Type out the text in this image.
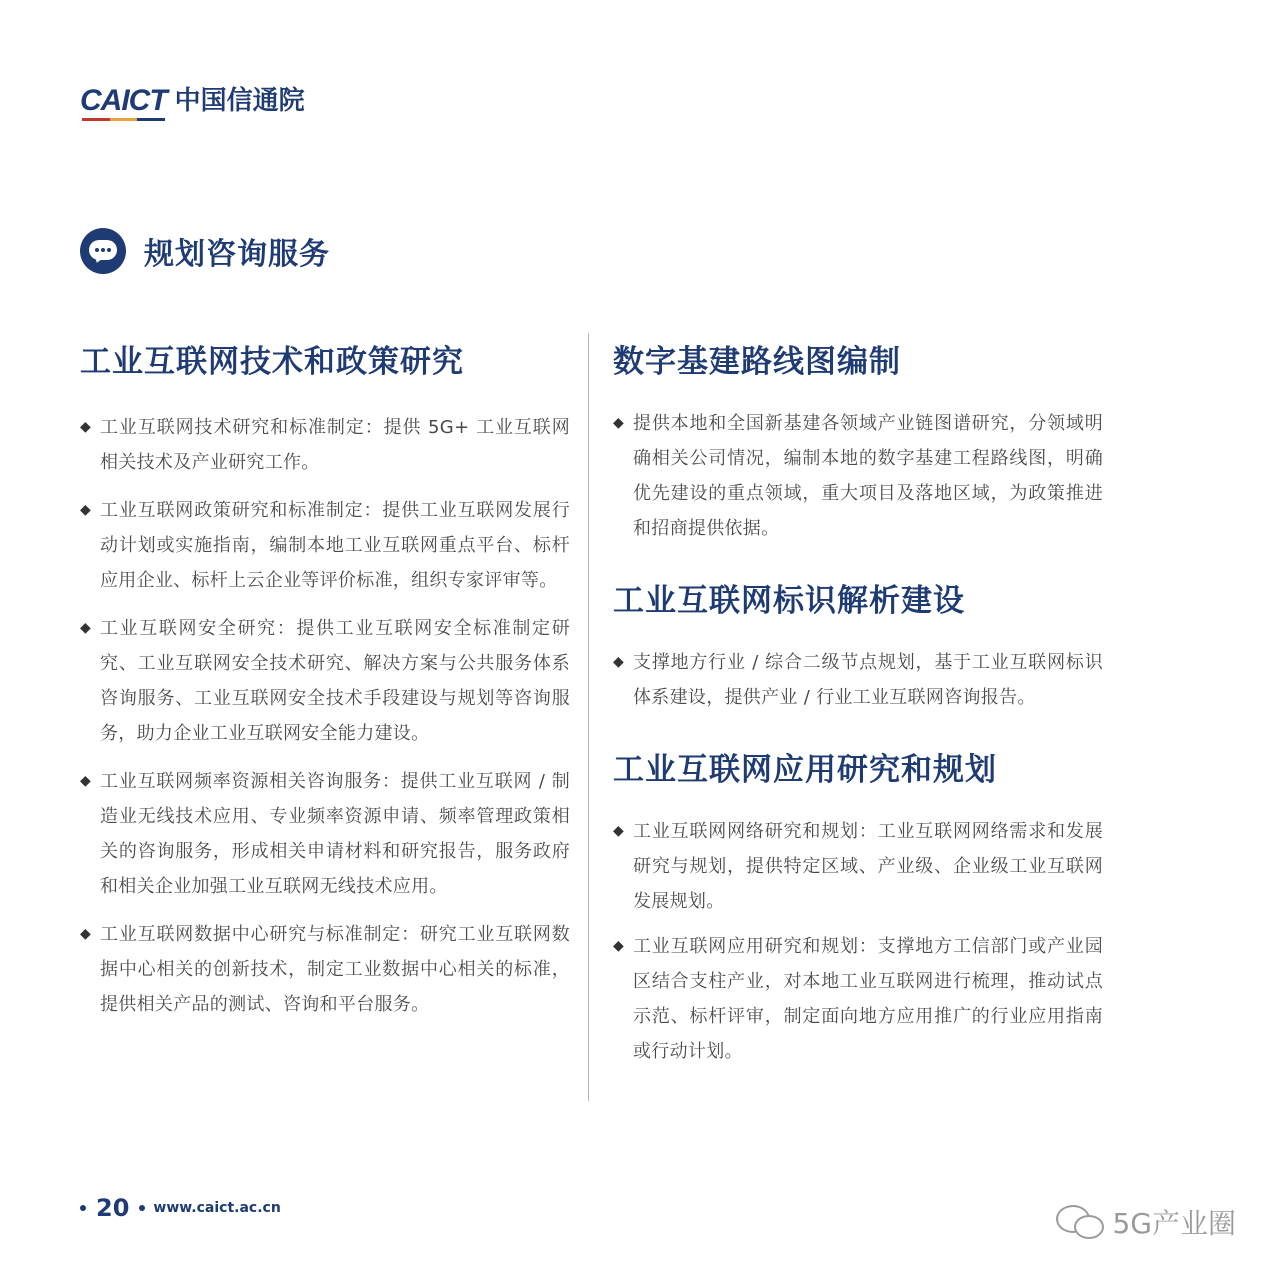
CAICT 中国信通院
规划咨询服务
工业互联网技术和政策研究
◆ 工业互联网技术研究和标准制定：提供 5G+ 工业互联网相关技术及产业研究工作。
◆ 工业互联网政策研究和标准制定：提供工业互联网发展行动计划或实施指南，编制本地工业互联网重点平台、标杆应用企业、标杆上云企业等评价标准，组织专家评审等。
◆ 工业互联网安全研究：提供工业互联网安全标准制定研究、工业互联网安全技术研究、解决方案与公共服务体系咨询服务、工业互联网安全技术手段建设与规划等咨询服务，助力企业工业互联网安全能力建设。
◆ 工业互联网频率资源相关咨询服务：提供工业互联网 / 制造业无线技术应用、专业频率资源申请、频率管理政策相关的咨询服务，形成相关申请材料和研究报告，服务政府和相关企业加强工业互联网无线技术应用。
◆ 工业互联网数据中心研究与标准制定：研究工业互联网数据中心相关的创新技术，制定工业数据中心相关的标准，提供相关产品的测试、咨询和平台服务。
数字基建路线图编制
◆ 提供本地和全国新基建各领域产业链图谱研究，分领域明确相关公司情况，编制本地的数字基建工程路线图，明确优先建设的重点领域，重大项目及落地区域，为政策推进和招商提供依据。
工业互联网标识解析建设
◆ 支撑地方行业 / 综合二级节点规划，基于工业互联网标识体系建设，提供产业 / 行业工业互联网咨询报告。
工业互联网应用研究和规划
◆ 工业互联网网络研究和规划：工业互联网网络需求和发展研究与规划，提供特定区域、产业级、企业级工业互联网发展规划。
◆ 工业互联网应用研究和规划：支撑地方工信部门或产业园区结合支柱产业，对本地工业互联网进行梳理，推动试点示范、标杆评审，制定面向地方应用推广的行业应用指南或行动计划。
20 www.caict.ac.cn	5G产业圈
